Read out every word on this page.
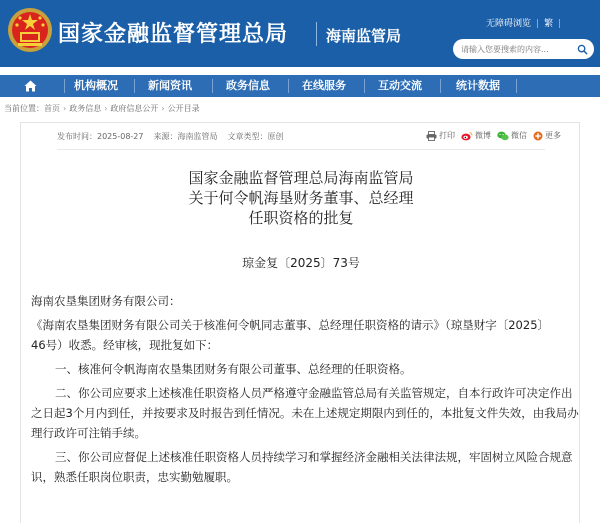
国家金融监督管理总局	海南监管局
无障碍浏览 | 繁 |
请输入您要搜索的内容...
机构概况	新闻资讯	政务信息	在线服务	互动交流	统计数据
当前位置：首页 › 政务信息 › 政府信息公开 › 公开目录
发布时间：2025-08-27 来源：海南监管局 文章类型：原创	打印	微博	微信 更多
国家金融监督管理总局海南监管局
关于何令帆海垦财务董事、总经理
任职资格的批复
琼金复〔2025〕73号
海南农垦集团财务有限公司：
《海南农垦集团财务有限公司关于核准何令帆同志董事、总经理任职资格的请示》（琼垦财字〔2025〕
46号）收悉。经审核，现批复如下：
一、核准何令帆海南农垦集团财务有限公司董事、总经理的任职资格。
二、你公司应要求上述核准任职资格人员严格遵守金融监管总局有关监管规定，自本行政许可决定作出
之日起3个月内到任，并按要求及时报告到任情况。未在上述规定期限内到任的，本批复文件失效，由我局办
理行政许可注销手续。
三、你公司应督促上述核准任职资格人员持续学习和掌握经济金融相关法律法规，牢固树立风险合规意
识，熟悉任职岗位职责，忠实勤勉履职。
